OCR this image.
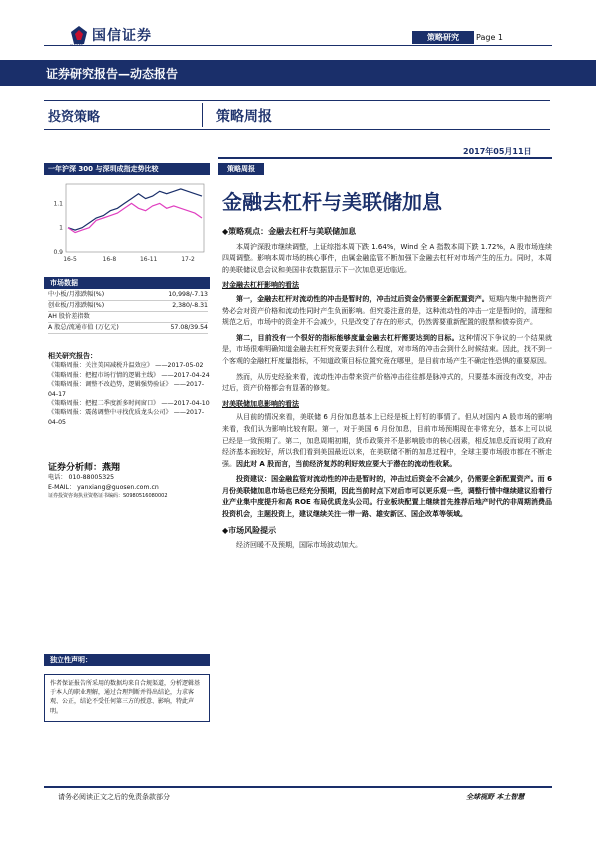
国信证券	策略研究	Page 1
证券研究报告—动态报告
投资策略	策略周报
2017年05月11日
一年沪深 300 与深圳成指走势比较
1.1
1
0.9
16-5	16-8	16-11	17-2
策略周报
金融去杠杆与美联储加息
市场数据
中小板/月涨跌幅(%)	10,998/-7.13
创业板/月涨跌幅(%)	2,380/-8.31
AH 股价差指数
A 股总/流通市值 (万亿元)	57.08/39.54
相关研究报告：
《策略周报：关注美国减税升温效应》 ——2017-05-02
《策略周报：把握市场行情的逻辑主线》 ——2017-04-24
《策略周报：调整不改趋势，逻辑强势验证》 ——2017-04-17
《策略周报：把握二季度新多时间窗口》 ——2017-04-10
《策略周报：震荡调整中寻找优质龙头公司》 ——2017-04-05
证券分析师：燕翔
电话： 010-88005325
E-MAIL： yanxiang@guosen.com.cn
证券投资咨询执业资格证书编码：S0980516080002
独立性声明：
作者保证报告所采用的数据均来自合规渠道，分析逻辑基于本人的职业理解，通过合理判断并得出结论，力求客观、公正，结论不受任何第三方的授意、影响，特此声明。

◆策略观点：金融去杠杆与美联储加息

本周沪深股市继续调整，上证综指本周下跌 1.64%，Wind 全 A 指数本周下跌 1.72%，A 股市场连续四周调整。影响本周市场的核心事件，由属金融监管不断加强下金融去杠杆对市场产生的压力。同时，本周的美联储议息会议和美国非农数据显示下一次加息更近临近。

对金融去杠杆影响的看法

第一，金融去杠杆对流动性的冲击是暂时的，冲击过后资金仍需要全新配置资产。短期内集中抛售资产势必会对资产价格和流动性同时产生负面影响。但究委注意的是，这种流动性的冲击一定是暂时的，清理和规范之后，市场中的资金并不会减少，只是改变了存在的形式，仍然需要重新配置的股票和债券资产。

第二，目前没有一个很好的指标能够度量金融去杠杆需要达到的目标。这种情况下争议的一个结果就是，市场很难明确知道金融去杠杆究竟要去到什么程度，对市场的冲击会到什么时候结束。因此，找不到一个客观的金融杠杆度量指标，不知道政策目标位置究竟在哪里，是目前市场产生不确定性恐惧的重要原因。

然而，从历史经验来看，流动性冲击带来资产价格冲击往往都是脉冲式的，只要基本面没有改变，冲击过后，资产价格都会有显著的修复。

对美联储加息影响的看法

从目前的情况来看，美联储 6 月份加息基本上已经是板上钉钉的事情了。但从对国内 A 股市场的影响来看，我们认为影响比较有限。第一，对于美国 6 月份加息，目前市场预期现在非常充分，基本上可以说已经是一致预期了。第二，加息周期初期，货币政策并不是影响股市的核心因素，相反加息反而说明了政府经济基本面较好，所以我们看到美国最近以来，在美联储不断的加息过程中，全球主要市场股市都在不断走强。因此对 A 股而言，当前经济复苏的利好效应要大于潜在的流动性收紧。

投资建议：国金融监管对流动性的冲击是暂时的，冲击过后资金不会减少，仍需要全新配置资产。而 6 月份美联储加息市场也已经充分预期，因此当前时点下对后市可以更乐观一些，调整行情中继续建议沿着行业产业集中度提升和高 ROE 布局优质龙头公司。行业板块配置上继续首先推荐后地产时代的非周期消费品投资机会，主题投资上，建议继续关注一带一路、雄安新区、国企改革等领域。

◆市场风险提示

经济回暖不及预期，国际市场波动加大。

请务必阅读正文之后的免责条款部分	全球视野 本土智慧
